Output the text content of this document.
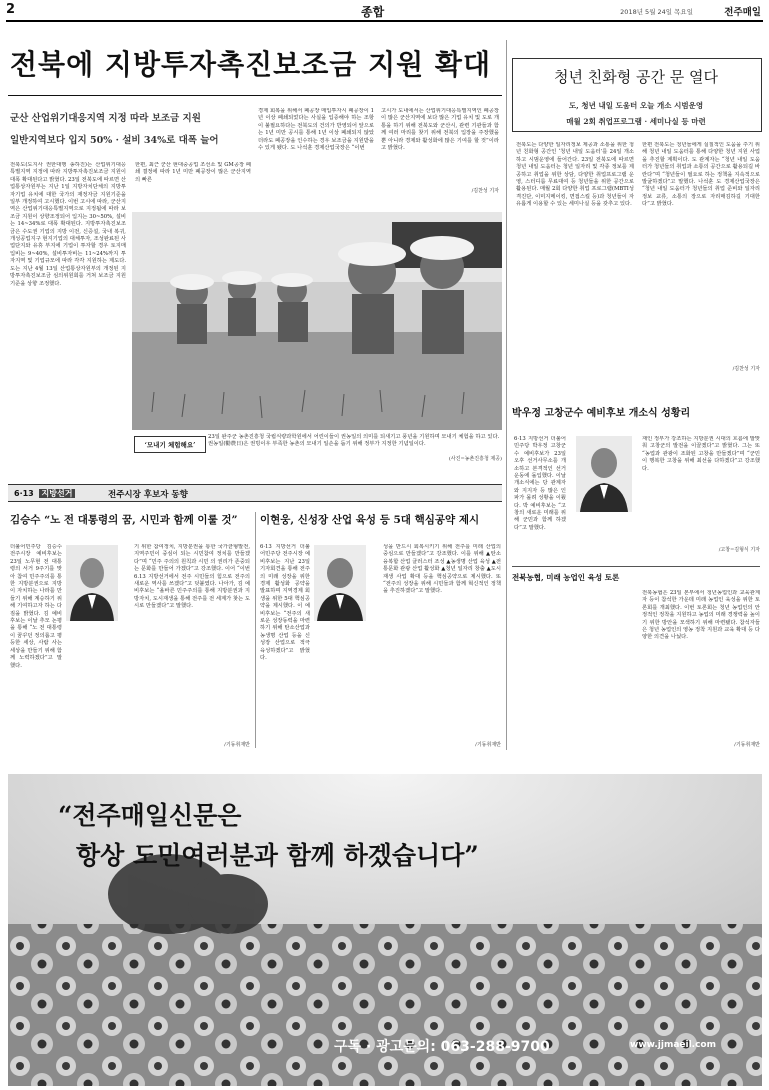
2	종합	2018년 5월 24일 목요일	전주매일
전북에 지방투자촉진보조금 지원 확대
군산 산업위기대응지역 지정 따라 보조금 지원
일반지역보다 입지 50% · 설비 34%로 대폭 늘어
전북도(도지사 권한대행 송하진)는 산업위기대응특별지역 지정에 따라 지방투자촉진보조금 지원이 대폭 확대된다고 밝혔다. 23일 전북도에 따르면 산업통상자원부는 지난 1일 지방자치단체의 지방투자기업 유치에 대한 국가의 재정자금 지원기준을 일부 개정하여 고시했다. 이번 고시에 따라, 군산지역은 산업위기대응특별지역으로 지정됨에 따라 보조금 지원이 상향조정되어 입지는 30~50%, 설비는 14~34%로 대폭 확대된다. 지방투자촉진보조금은 수도권 기업의 지방 이전, 신증설, 국내 복귀, 개성공업지구 현지기업의 대체투자, 조성완료된 사업단지와 유휴 부지에 기업이 투자할 경우 토지매입비는 9~40%, 설비투자비는 11~24%까지 투자지역 및 기업규모에 따라 각각 지원하는 제도다. 도는 지난 4월 13일 산업통상자원부의 개정된 지방투자촉진보조금 심의위원회를 거쳐 보조금 지원기준을 상향 조정했다.
한편, 최근 군산 현대중공업 조선소 및 GM공장 폐쇄 결정에 따라 1년 미만 폐공장이 많은 군산지역의 빠른
경제 회복을 위해서 폐공장 매입투자시 폐공장이 1년 이상 폐쇄되었다는 사실을 입증해야 하는 조항이 불필요하다는 전북도의 건의가 반영되어 앞으로는 1년 미만 공시를 통해 1년 이상 폐쇄되지 않았더라도 폐공장을 인수하는 경우 보조금을 지원받을 수 있게 됐다. 도 나석훈 경제산업국장은 “이번
고시가 도내에서는 산업위기대응특별지역인 폐공장이 많은 군산지역에 보다 많은 기업 유치 및 도로 개통을 하기 위해 전북도와 군산시, 관련 기관들과 함께 여러 마리를 찾기 위해 전북의 입장을 주장했을 뿐 아니라 경제와 활성화에 많은 기여를 할 것”이라고 밝혔다.
/김찬성 기자
‘모내기 체험해요’
23일 완주군 농촌진흥청 국립식량과학원에서 어린이들이 권농일의 의미를 되새기고 풍년을 기원하며 모내기 체험을 하고 있다. 권농일(勸農日)은 권빙이우 부족한 농촌의 모내기 일손을 돕기 위해 정부가 지정한 기념일이다.
(사진=농촌진흥청 제공)
6·13 지방선거	전주시장 후보자 동향
김승수 “노 전 대통령의 꿈, 시민과 함께 이룰 것”
더불어민주당 김승수 전주시장 예비후보는 23일 노무현 전 대통령의 서거 9주기를 맞아 참여 민주주의를 통한 지방분권으로 지방이 자치하는 나라를 만들기 위해 계승하기 위해 기여하고자 하는 다짐을 밝혔다. 김 예비후보는 이날 추모 논평을 통해 “노 전 대통령이 꿈꾸던 정의롭고 평등한 세상, 사람 사는 세상을 만들기 위해 함께 노력하겠다”고 말했다.
기 위한 참여정치, 지방분권을 통한 국가균형발전, 지역주민이 중심이 되는 시민참여 정치를 만들겠다”며 “민주 주의의 원칙과 시민 의 권리가 존중되는 문화를 만들어 가겠다”고 강조했다. 이어 “이번 6.13 지방선거에서 전주 시민들의 힘으로 전주의 새로운 역사를 쓰겠다”고 덧붙였다. 나아가, 김 예비후보는 “올바른 민주주의를 통해 지방분권과 지방자치, 도시재생을 통해 전주를 전 세계가 찾는 도시로 만들겠다”고 말했다.
/기동취재반
이현웅, 신성장 산업 육성 등 5대 핵심공약 제시
6·13 지방선거 더불어민주당 전주시장 예비후보는 지난 23일 기자회견을 통해 전주의 미래 성장을 위한 경제 활성화 공약을 발표하며 지역경제 회생을 위한 5대 핵심공약을 제시했다. 이 예비후보는 “전주의 새로운 성장동력을 마련하기 위해 탄소산업과 농생명 산업 등을 신성장 산업으로 적극 육성하겠다”고 밝혔다.
성을 반드시 회복시키기 위해 전주를 미래 산업의 중심으로 만들겠다”고 강조했다. 이를 위해 ▲탄소 융복합 산업 클러스터 조성 ▲농생명 산업 육성 ▲전통문화 관광 산업 활성화 ▲청년 일자리 창출 ▲도시재생 사업 확대 등을 핵심공약으로 제시했다. 또 “전주의 성장을 위해 시민들과 함께 혁신적인 정책을 추진하겠다”고 말했다.
/기동취재반
청년 친화형 공간 문 열다
도, 청년 내일 도움터 오늘 개소 시범운영
매월 2회 취업프로그램 · 세미나실 등 마련
전북도는 다양한 일자리정보 제공과 소통을 위한 청년 친화형 공간인 ‘청년 내일 도움터’를 24일 개소하고 시범운영에 들어간다. 23일 전북도에 따르면 청년 내일 도움터는 청년 일자리 및 각종 정보를 제공하고 취업을 위한 상담, 다양한 취업프로그램 운영, 스터디룸 무료대여 등 청년들을 위한 공간으로 활용된다. 매월 2회 다양한 취업 프로그램(MBTI성격진단, 이미지메이킹, 면접스킬 등)과 청년들이 자유롭게 이용할 수 있는 세미나실 등을 갖추고 있다.
한편 전북도는 청년들에게 실질적인 도움을 주기 위해 청년 내일 도움터를 통해 다양한 청년 지원 사업을 추진할 계획이다. 도 관계자는 “청년 내일 도움터가 청년들의 취업과 소통의 공간으로 활용되길 바란다”며 “청년들이 필요로 하는 정책을 지속적으로 발굴하겠다”고 말했다. 나석훈 도 경제산업국장은 “청년 내일 도움터가 청년들의 취업 준비와 일자리 정보 교류, 소통의 장으로 자리매김하길 기대한다”고 밝혔다.
/김찬성 기자
박우정 고창군수 예비후보 개소식 성황리
6·13 지방선거 더불어민주당 박우정 고창군수 예비후보가 23일 오후 선거사무소를 개소하고 본격적인 선거 운동에 돌입했다. 이날 개소식에는 당 관계자와 지지자 등 많은 인파가 몰려 성황을 이뤘다. 박 예비후보는 “고창의 새로운 미래를 위해 군민과 함께 하겠다”고 말했다.
재인 정부가 강조하는 지방분권 시대의 흐름에 발맞춰 고창군의 발전을 이끌겠다”고 밝혔다. 그는 또 “농업과 관광이 조화된 고창을 만들겠다”며 “군민이 행복한 고창을 위해 최선을 다하겠다”고 강조했다.
/고창=김형식 기자
전북농협, 미래 농업인 육성 토론
전북농협은 23일 본부에서 청년농업인과 교육관계자 등이 참석한 가운데 미래 농업인 육성을 위한 토론회를 개최했다. 이번 토론회는 청년 농업인의 안정적인 정착을 지원하고 농업의 미래 경쟁력을 높이기 위한 방안을 모색하기 위해 마련됐다. 참석자들은 청년 농업인의 영농 정착 지원과 교육 확대 등 다양한 의견을 나눴다.
/기동취재반
“전주매일신문은
항상 도민여러분과 함께 하겠습니다”
구독 · 광고문의: 063-288-9700	www.jjmaeil.com
